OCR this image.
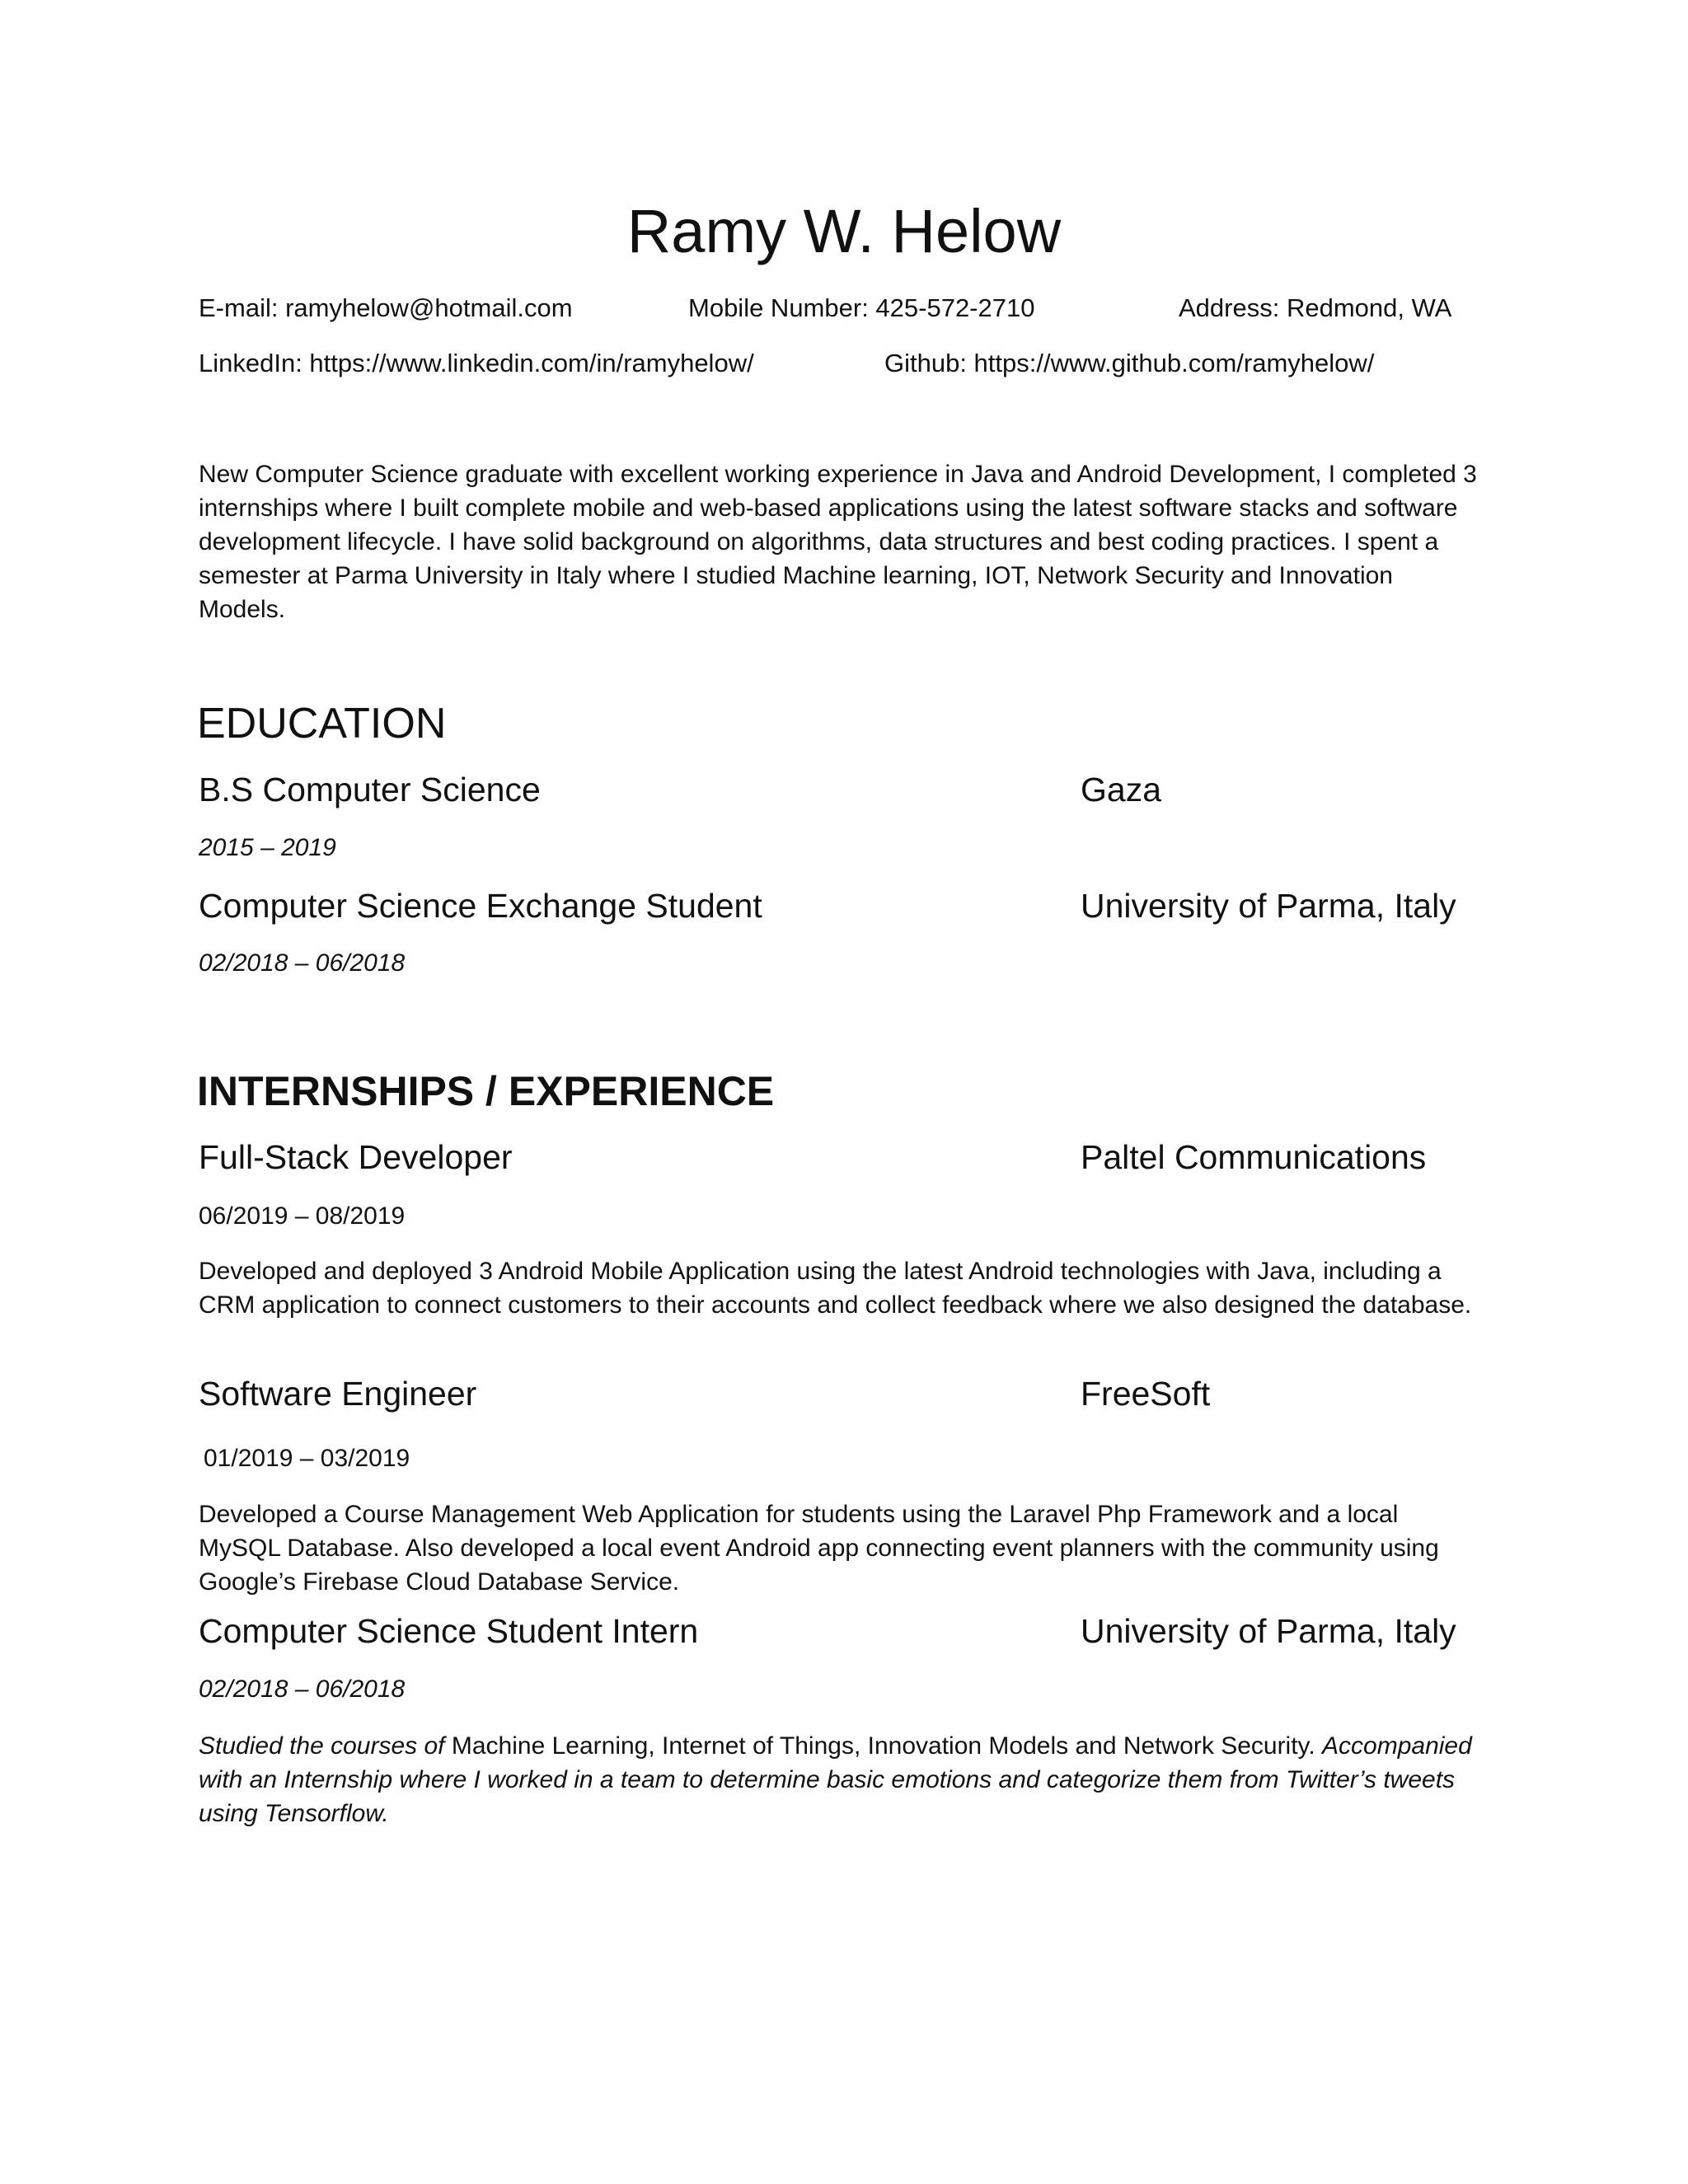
Ramy W. Helow
E-mail: ramyhelow@hotmail.com	Mobile Number: 425-572-2710	Address: Redmond, WA
LinkedIn: https://www.linkedin.com/in/ramyhelow/	Github: https://www.github.com/ramyhelow/
New Computer Science graduate with excellent working experience in Java and Android Development, I completed 3 internships where I built complete mobile and web-based applications using the latest software stacks and software development lifecycle. I have solid background on algorithms, data structures and best coding practices. I spent a semester at Parma University in Italy where I studied Machine learning, IOT, Network Security and Innovation Models.
EDUCATION
B.S Computer Science	Gaza
2015 – 2019
Computer Science Exchange Student	University of Parma, Italy
02/2018 – 06/2018
INTERNSHIPS / EXPERIENCE
Full-Stack Developer	Paltel Communications
06/2019 – 08/2019
Developed and deployed 3 Android Mobile Application using the latest Android technologies with Java, including a CRM application to connect customers to their accounts and collect feedback where we also designed the database.
Software Engineer	FreeSoft
01/2019 – 03/2019
Developed a Course Management Web Application for students using the Laravel Php Framework and a local MySQL Database. Also developed a local event Android app connecting event planners with the community using Google’s Firebase Cloud Database Service.
Computer Science Student Intern	University of Parma, Italy
02/2018 – 06/2018
Studied the courses of Machine Learning, Internet of Things, Innovation Models and Network Security. Accompanied with an Internship where I worked in a team to determine basic emotions and categorize them from Twitter’s tweets using Tensorflow.
